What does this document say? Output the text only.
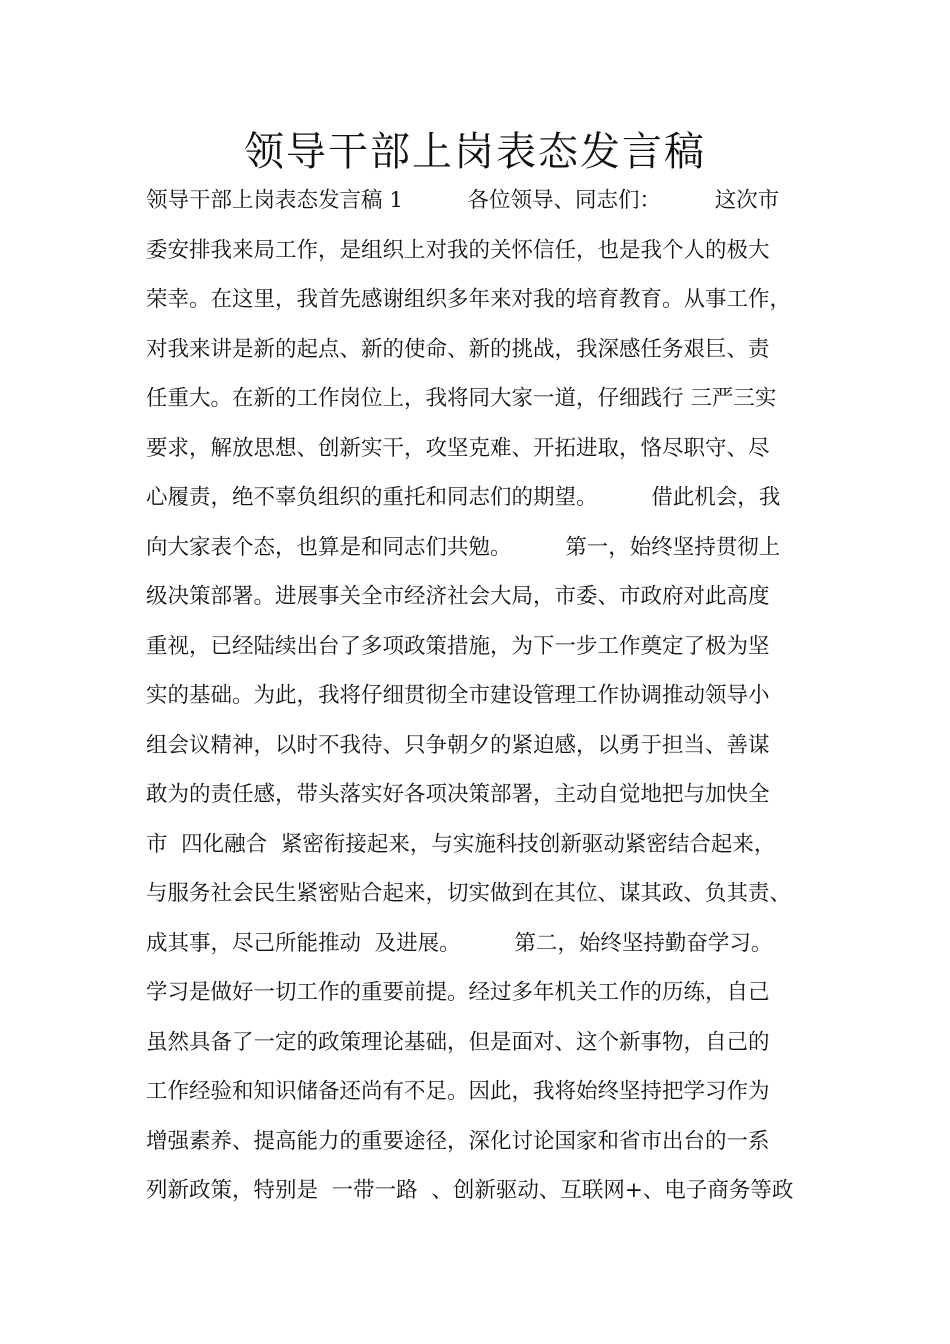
领导干部上岗表态发言稿
领导干部上岗表态发言稿 1　　　各位领导、同志们：　　　这次市
委安排我来局工作，是组织上对我的关怀信任，也是我个人的极大
荣幸。在这里，我首先感谢组织多年来对我的培育教育。从事工作，
对我来讲是新的起点、新的使命、新的挑战，我深感任务艰巨、责
任重大。在新的工作岗位上，我将同大家一道，仔细践行 三严三实
要求，解放思想、创新实干，攻坚克难、开拓进取，恪尽职守、尽
心履责，绝不辜负组织的重托和同志们的期望。　　　借此机会，我
向大家表个态，也算是和同志们共勉。　　　第一，始终坚持贯彻上
级决策部署。进展事关全市经济社会大局，市委、市政府对此高度
重视，已经陆续出台了多项政策措施，为下一步工作奠定了极为坚
实的基础。为此，我将仔细贯彻全市建设管理工作协调推动领导小
组会议精神，以时不我待、只争朝夕的紧迫感，以勇于担当、善谋
敢为的责任感，带头落实好各项决策部署，主动自觉地把与加快全
市  四化融合  紧密衔接起来，与实施科技创新驱动紧密结合起来，
与服务社会民生紧密贴合起来，切实做到在其位、谋其政、负其责、
成其事，尽己所能推动  及进展。　　　第二，始终坚持勤奋学习。
学习是做好一切工作的重要前提。经过多年机关工作的历练，自己
虽然具备了一定的政策理论基础，但是面对、这个新事物，自己的
工作经验和知识储备还尚有不足。因此，我将始终坚持把学习作为
增强素养、提高能力的重要途径，深化讨论国家和省市出台的一系
列新政策，特别是  一带一路  、创新驱动、互联网+、电子商务等政
